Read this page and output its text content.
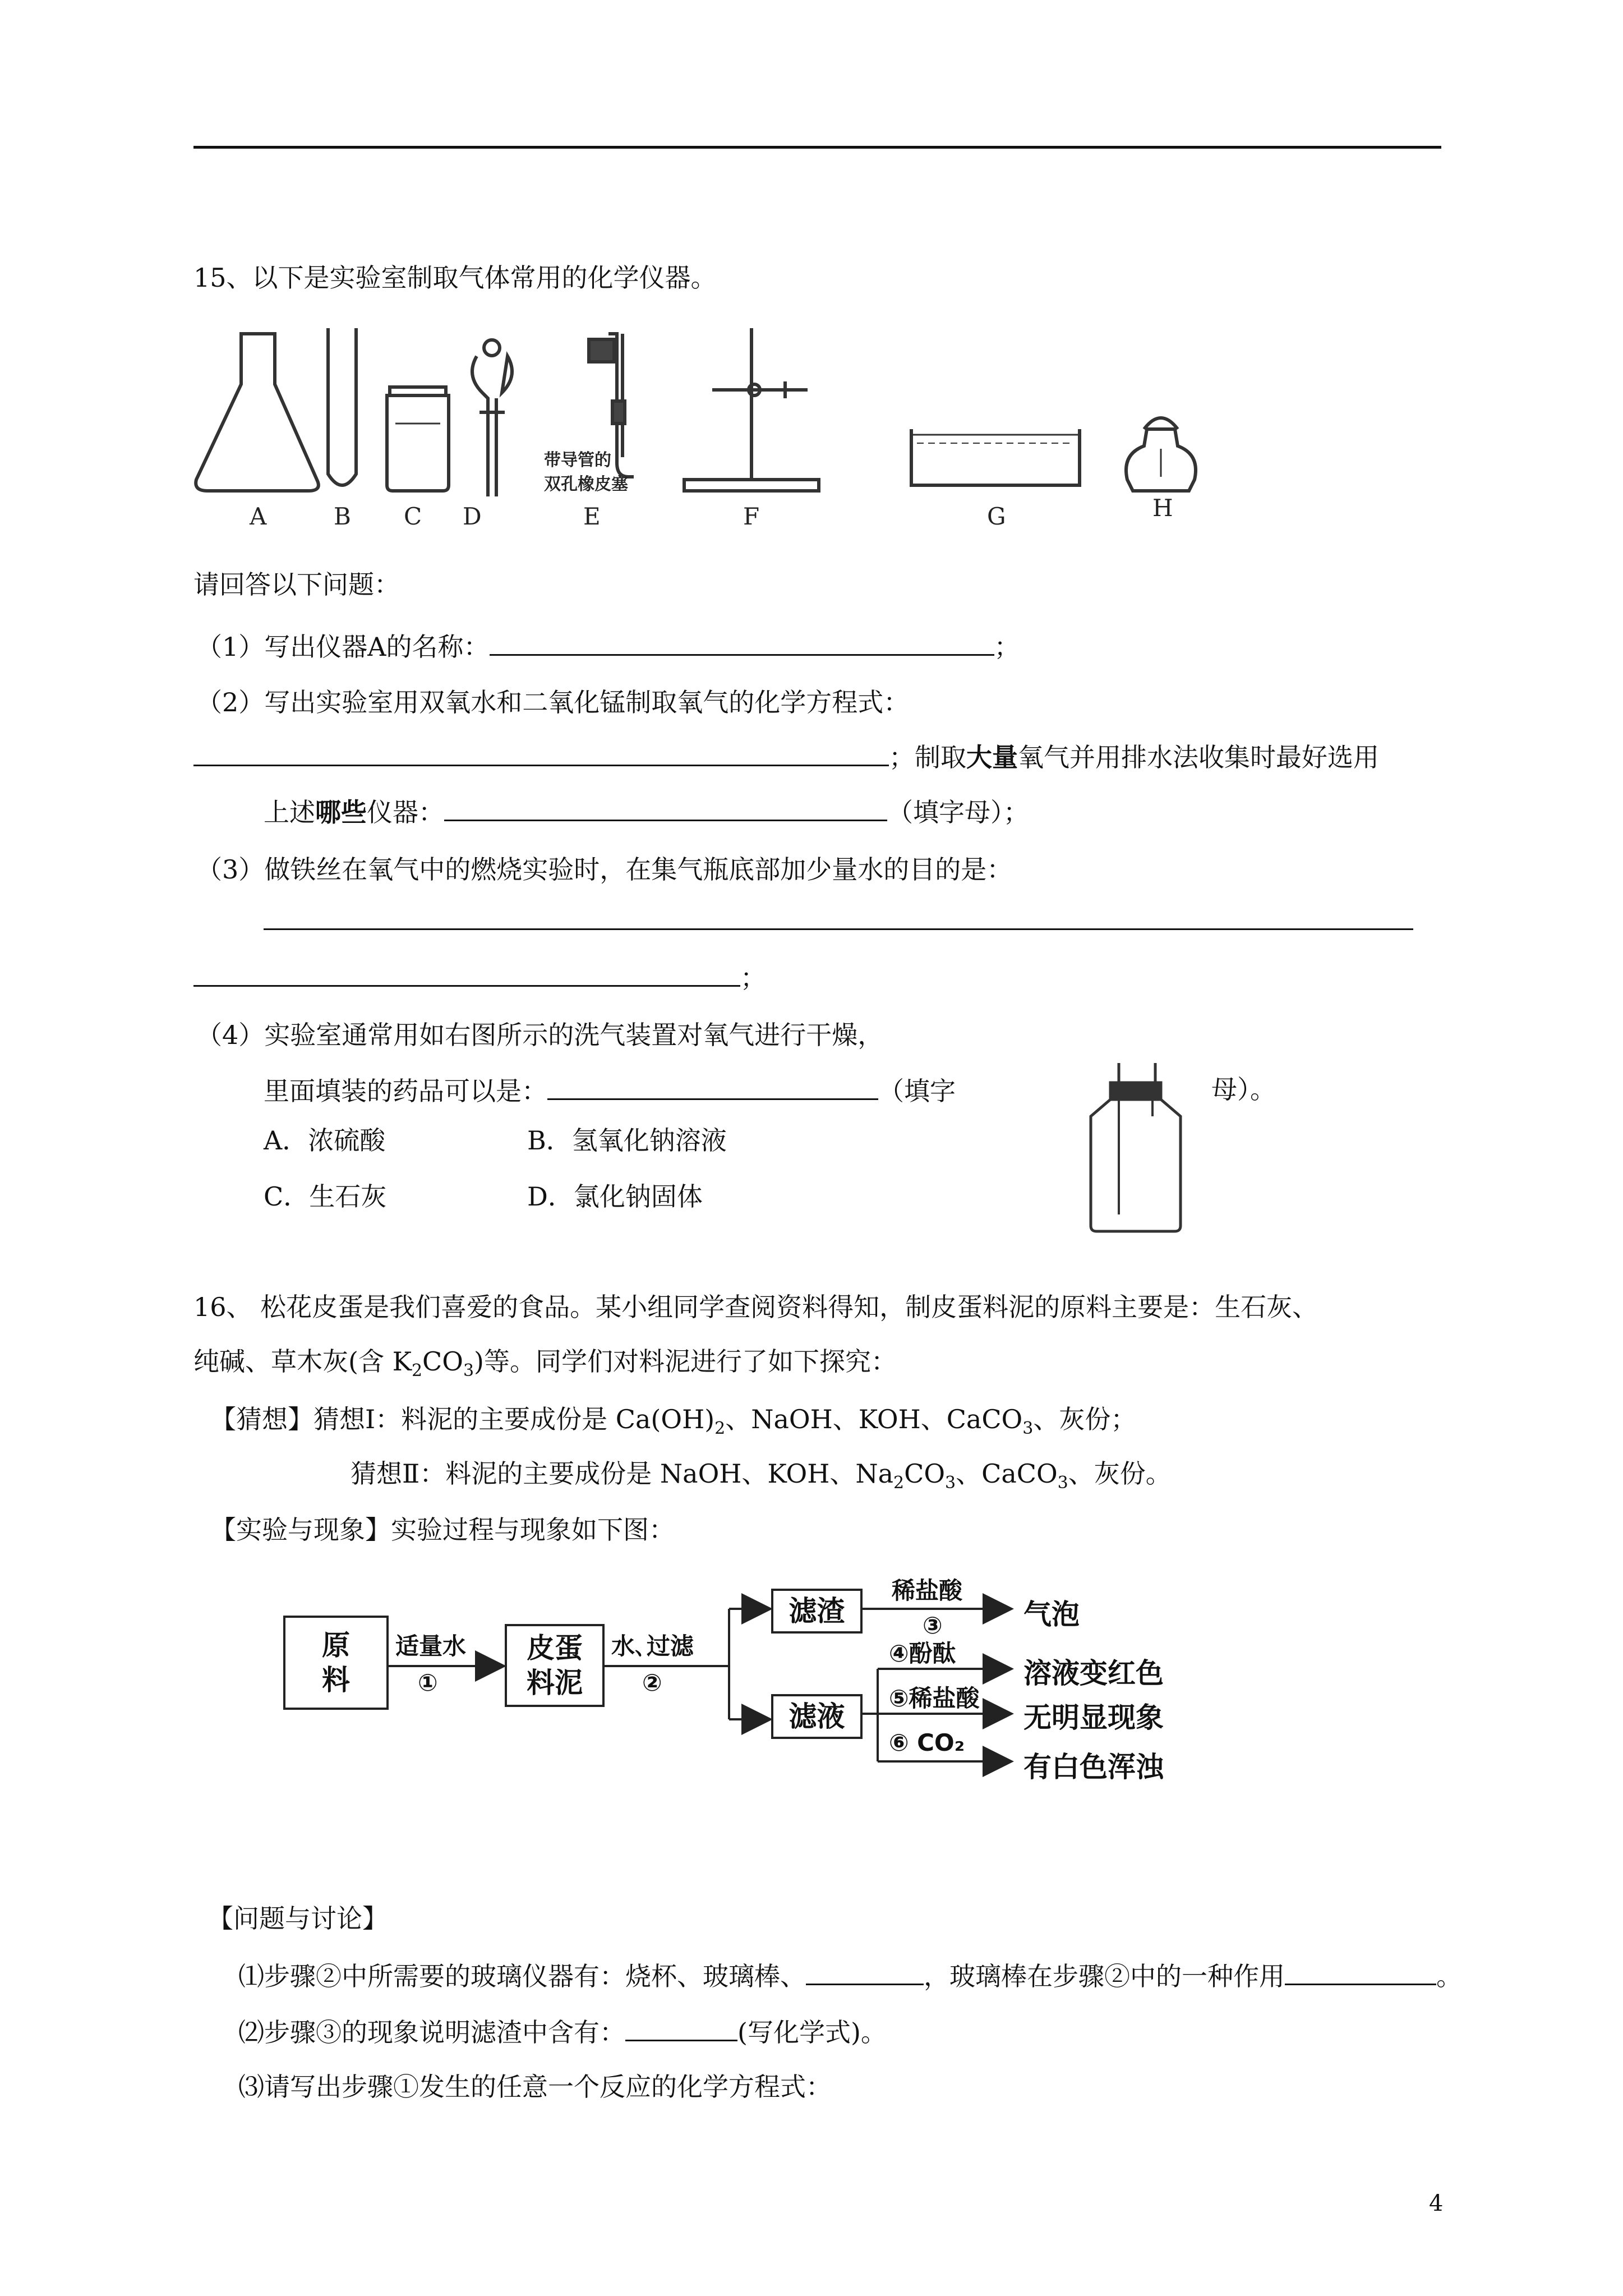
15、以下是实验室制取气体常用的化学仪器。
A	B C D
带导管的
双孔橡皮塞
E	F	G	H
请回答以下问题：
（1）写出仪器A的名称：	；
（2）写出实验室用双氧水和二氧化锰制取氧气的化学方程式：
；制取大量氧气并用排水法收集时最好选用
上述哪些仪器：	（填字母）；
（3）做铁丝在氧气中的燃烧实验时，在集气瓶底部加少量水的目的是：
；
（4）实验室通常用如右图所示的洗气装置对氧气进行干燥，
里面填装的药品可以是：	（填字	母）。
A．浓硫酸	B．氢氧化钠溶液
C．生石灰	D．氯化钠固体
16、 松花皮蛋是我们喜爱的食品。某小组同学查阅资料得知，制皮蛋料泥的原料主要是：生石灰、
纯碱、草木灰(含 $K_2CO_3$)等。同学们对料泥进行了如下探究：
【猜想】猜想Ⅰ：料泥的主要成份是 $Ca(OH)_2$、NaOH、KOH、CaCO$_3$、灰份；
猜想Ⅱ：料泥的主要成份是 NaOH、KOH、$Na_2CO_3$、CaCO$_3$、灰份。
【实验与现象】实验过程与现象如下图：
原
料
皮蛋
料泥
滤渣
滤液
适量水
①
水､过滤
②
稀盐酸
③	气泡
④酚酞
溶液变红色
⑤稀盐酸
无明显现象
⑥ CO₂
有白色浑浊
【问题与讨论】
⑴步骤②中所需要的玻璃仪器有：烧杯、玻璃棒、	，玻璃棒在步骤②中的一种作用	。
⑵步骤③的现象说明滤渣中含有：	(写化学式)。
⑶请写出步骤①发生的任意一个反应的化学方程式：
4
